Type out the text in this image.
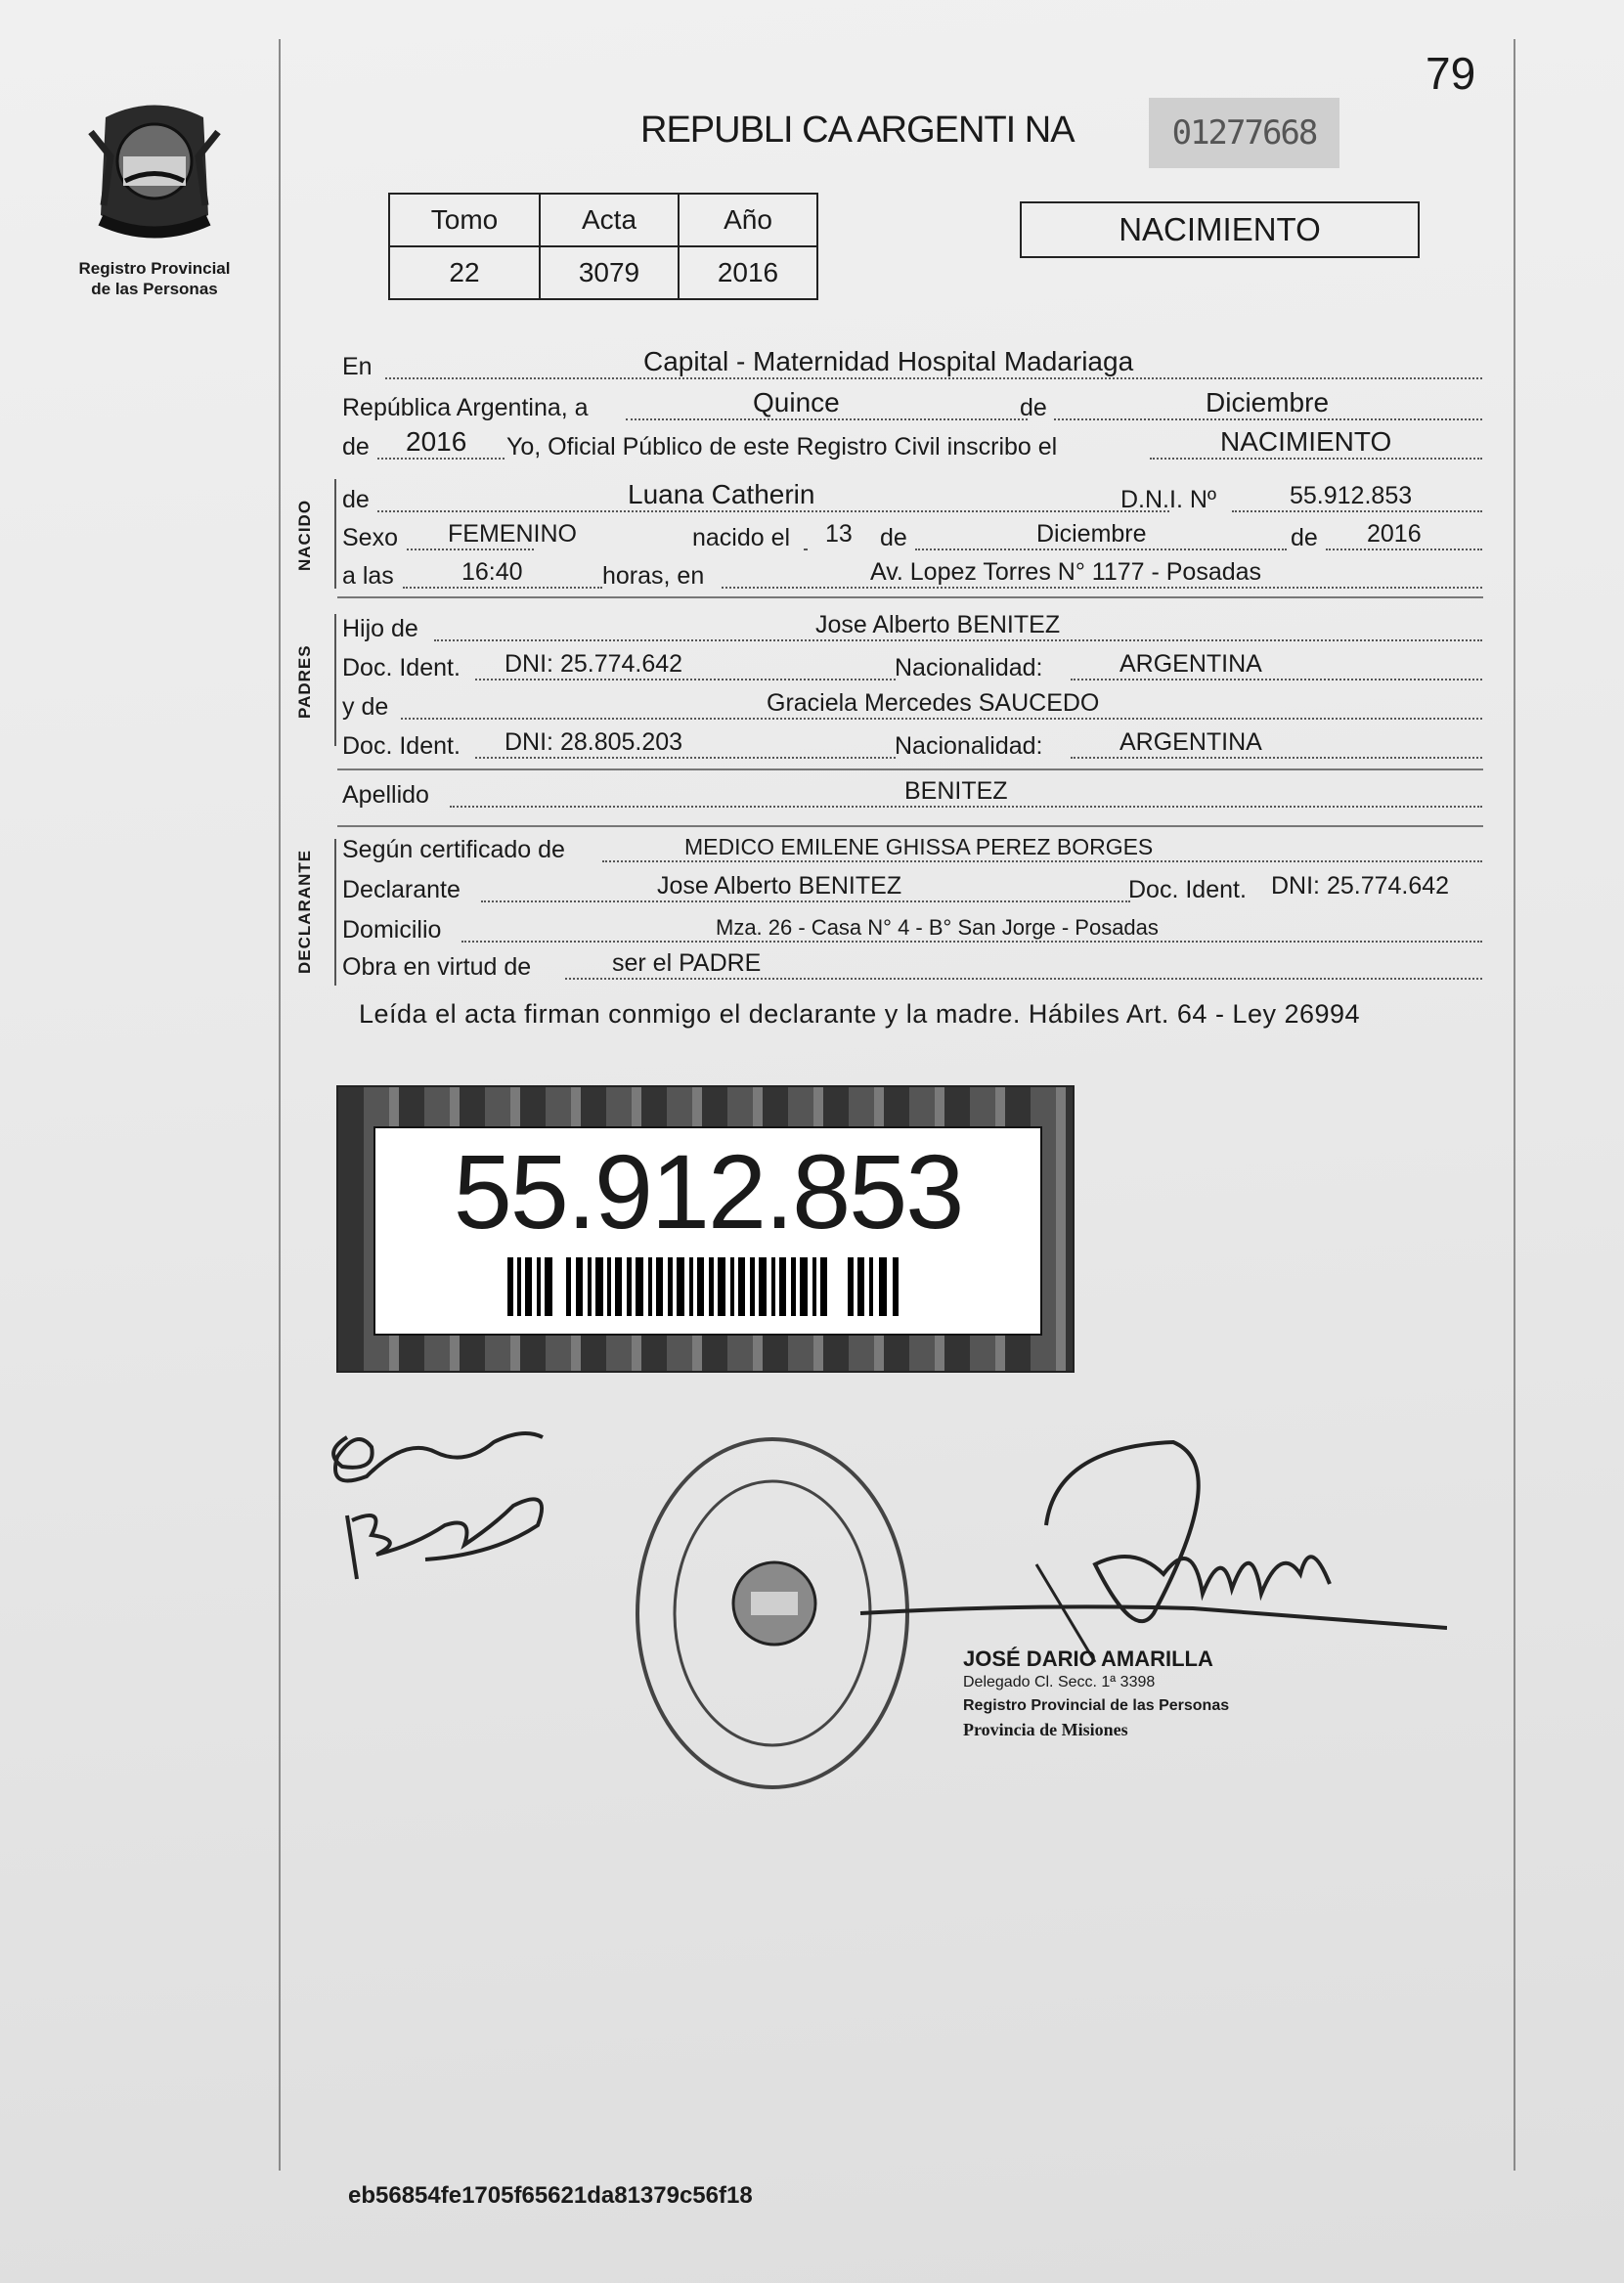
Registro Provincial
de las Personas
79
REPUBLI CA ARGENTI NA	01277668
Tomo	Acta	Año
22	3079	2016
NACIMIENTO
En	Capital - Maternidad Hospital Madariaga
República Argentina, a	Quince	de	Diciembre
de 2016 Yo, Oficial Público de este Registro Civil inscribo el	NACIMIENTO
NACIDO de	Luana Catherin	D.N.I. Nº	55.912.853
Sexo FEMENINO	nacido el 13 de	Diciembre	de 2016
a las	16:40	horas, en	Av. Lopez Torres N° 1177 - Posadas
PADRES
Hijo de	Jose Alberto BENITEZ
Doc. Ident. DNI: 25.774.642	Nacionalidad:	ARGENTINA
y de	Graciela Mercedes SAUCEDO
Doc. Ident. DNI: 28.805.203	Nacionalidad:	ARGENTINA
Apellido	BENITEZ
DECLARANTE Según certificado de	MEDICO EMILENE GHISSA PEREZ BORGES
Declarante	Jose Alberto BENITEZ	Doc. Ident. DNI: 25.774.642
Domicilio	Mza. 26 - Casa N° 4 - B° San Jorge - Posadas
Obra en virtud de	ser el PADRE
Leída el acta firman conmigo el declarante y la madre. Hábiles Art. 64 - Ley 26994
55.912.853
JOSÉ DARIO AMARILLA
Delegado Cl. Secc. 1ª 3398
Registro Provincial de las Personas
Provincia de Misiones
eb56854fe1705f65621da81379c56f18
